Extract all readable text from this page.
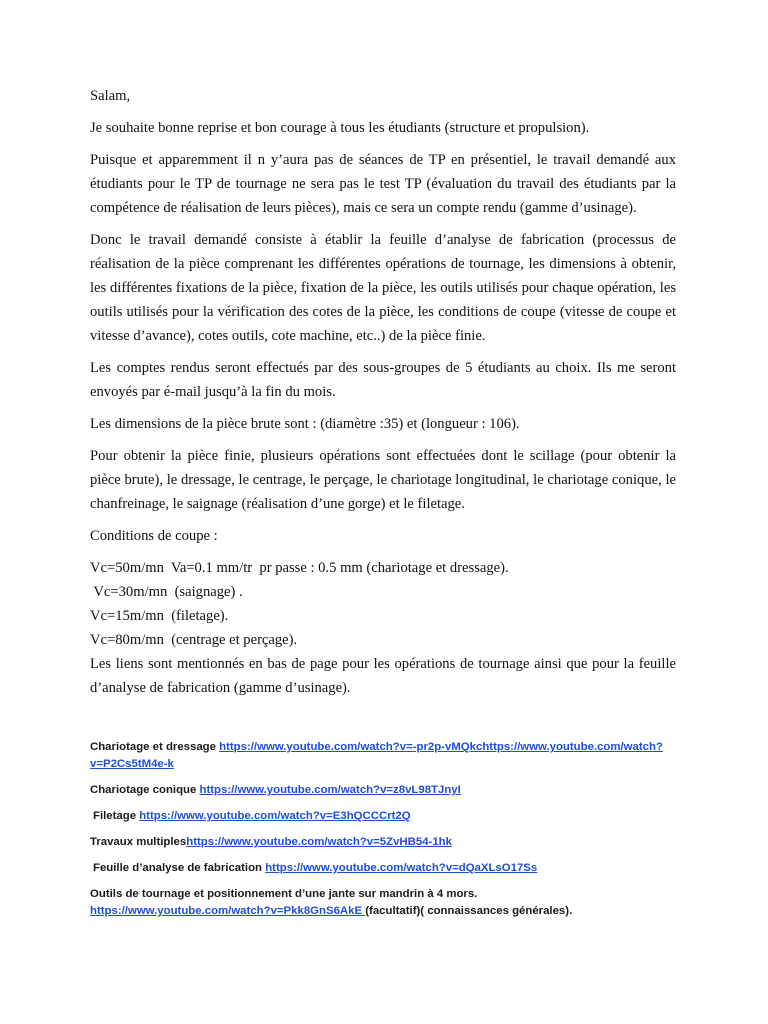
Salam,

Je souhaite bonne reprise et bon courage à tous les étudiants (structure et propulsion).

Puisque et apparemment il n y’aura pas de séances de TP en présentiel, le travail demandé aux étudiants pour le TP de tournage ne sera pas le test TP (évaluation du travail des étudiants par la compétence de réalisation de leurs pièces), mais ce sera un compte rendu (gamme d’usinage).

Donc le travail demandé consiste à établir la feuille d’analyse de fabrication (processus de réalisation de la pièce comprenant les différentes opérations de tournage, les dimensions à obtenir, les différentes fixations de la pièce, fixation de la pièce, les outils utilisés pour chaque opération, les outils utilisés pour la vérification des cotes de la pièce, les conditions de coupe (vitesse de coupe et vitesse d’avance), cotes outils, cote machine, etc..) de la pièce finie.

Les comptes rendus seront effectués par des sous-groupes de 5 étudiants au choix. Ils me seront envoyés par é-mail jusqu’à la fin du mois.

Les dimensions de la pièce brute sont : (diamètre :35) et (longueur : 106).

Pour obtenir la pièce finie, plusieurs opérations sont effectuées dont le scillage (pour obtenir la pièce brute), le dressage, le centrage, le perçage, le chariotage longitudinal, le chariotage conique, le chanfreinage, le saignage (réalisation d’une gorge) et le filetage.

Conditions de coupe :

Vc=50m/mn  Va=0.1 mm/tr  pr passe : 0.5 mm (chariotage et dressage).
Vc=30m/mn  (saignage) .
Vc=15m/mn  (filetage).
Vc=80m/mn  (centrage et perçage).

Les liens sont mentionnés en bas de page pour les opérations de tournage ainsi que pour la feuille d’analyse de fabrication (gamme d’usinage).

Chariotage et dressage https://www.youtube.com/watch?v=-pr2p-vMQkchttps://www.youtube.com/watch?v=P2Cs5tM4e-k
Chariotage conique https://www.youtube.com/watch?v=z8vL98TJnyI
Filetage https://www.youtube.com/watch?v=E3hQCCCrt2Q
Travaux multipleshttps://www.youtube.com/watch?v=5ZvHB54-1hk
Feuille d’analyse de fabrication https://www.youtube.com/watch?v=dQaXLsO17Ss
Outils de tournage et positionnement d’une jante sur mandrin à 4 mors.
https://www.youtube.com/watch?v=Pkk8GnS6AkE (facultatif)( connaissances générales).
